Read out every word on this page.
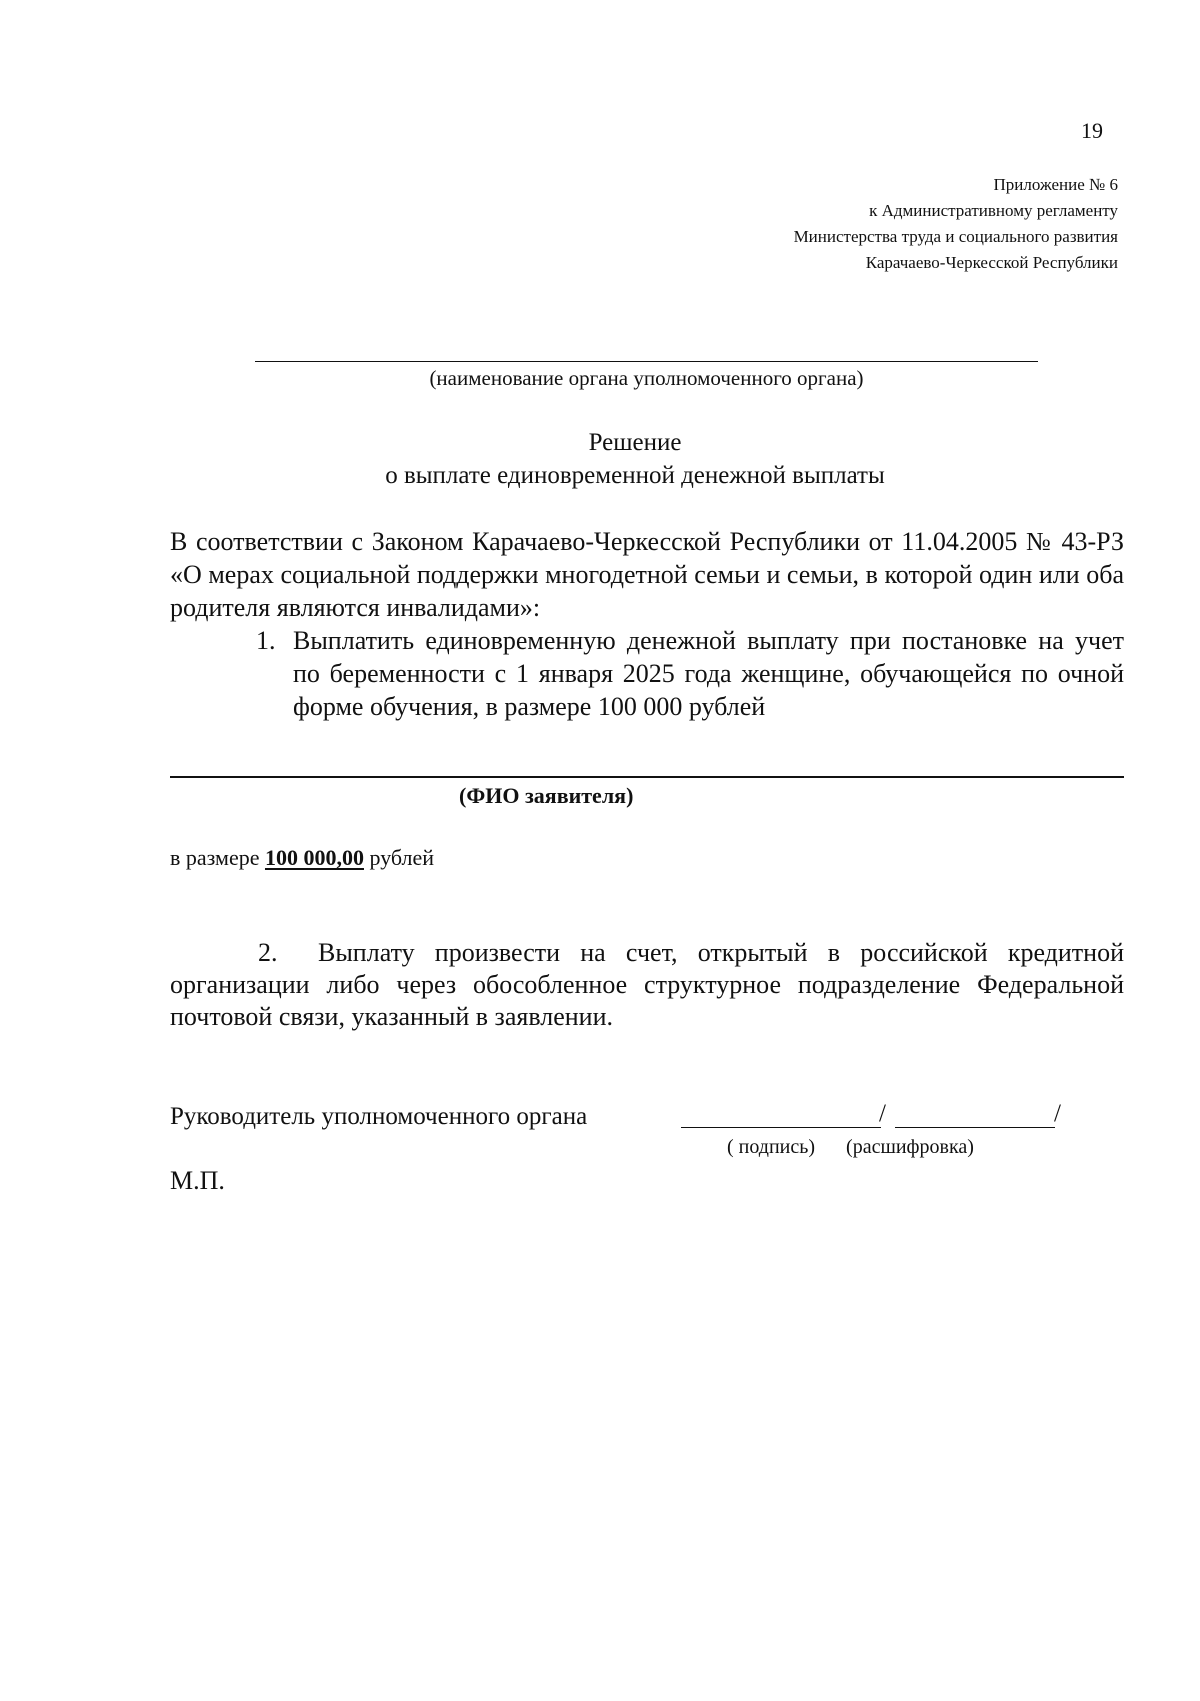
19
Приложение № 6
к Административному регламенту
Министерства труда и социального развития
Карачаево-Черкесской Республики
(наименование органа уполномоченного органа)
Решение
о выплате единовременной денежной выплаты
В соответствии с Законом Карачаево-Черкесской Республики от 11.04.2005 № 43-РЗ «О мерах социальной поддержки многодетной семьи и семьи, в которой один или оба родителя являются инвалидами»:
1. Выплатить единовременную денежной выплату при постановке на учет по беременности с 1 января 2025 года женщине, обучающейся по очной форме обучения, в размере 100 000 рублей
(ФИО заявителя)
в размере 100 000,00 рублей
2.	Выплату произвести на счет, открытый в российской кредитной организации либо через обособленное структурное подразделение Федеральной почтовой связи, указанный в заявлении.
Руководитель уполномоченного органа	/	/
( подпись) (расшифровка)
М.П.
